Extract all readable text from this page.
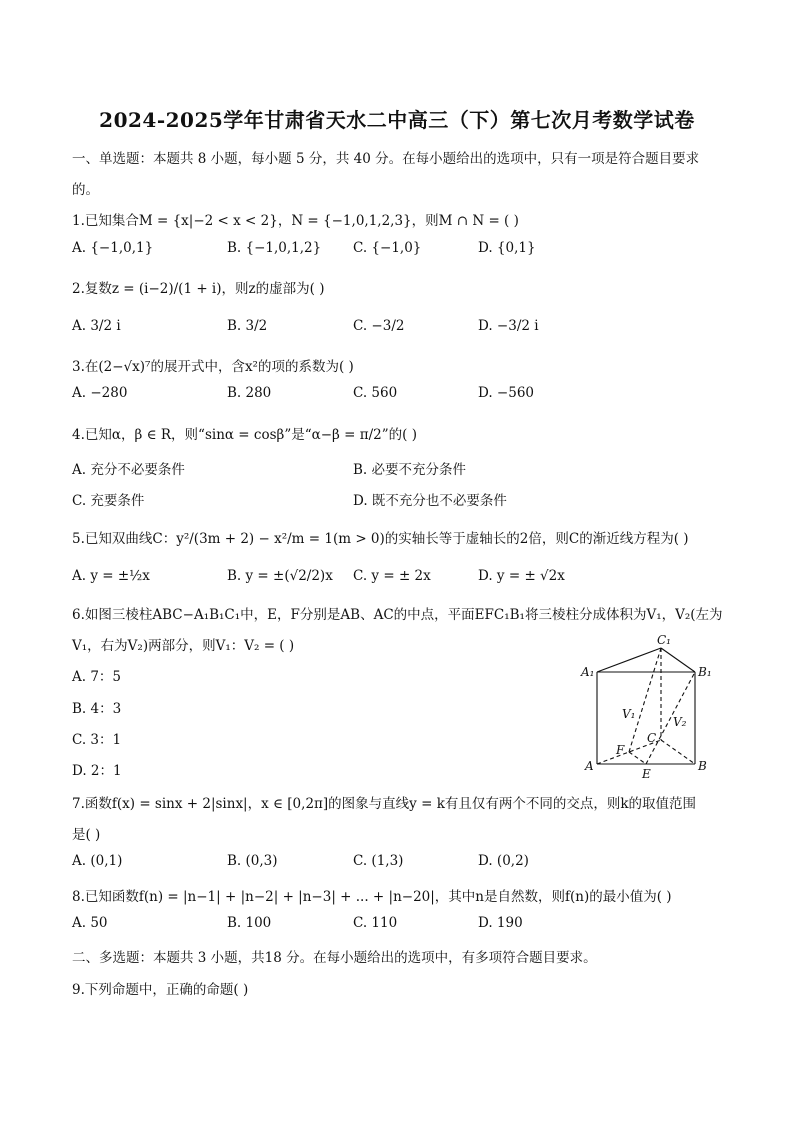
2024-2025学年甘肃省天水二中高三（下）第七次月考数学试卷
一、单选题：本题共 8 小题，每小题 5 分，共 40 分。在每小题给出的选项中，只有一项是符合题目要求
的。
1.已知集合M = {x|−2 < x < 2}，N = {−1,0,1,2,3}，则M ∩ N = ( )
A. {−1,0,1}	B. {−1,0,1,2} C. {−1,0}	D. {0,1}
2.复数z = (i−2)/(1 + i)，则z的虚部为( )
A. 3/2 i	B. 3/2	C. −3/2	D. −3/2 i
3.在(2−√x)⁷的展开式中，含x²的项的系数为( )
A. −280	B. 280	C. 560	D. −560
4.已知α，β ∈ R，则“sinα = cosβ”是“α−β = π/2”的( )
A. 充分不必要条件	B. 必要不充分条件
C. 充要条件	D. 既不充分也不必要条件
5.已知双曲线C：y²/(3m + 2) − x²/m = 1(m > 0)的实轴长等于虚轴长的2倍，则C的渐近线方程为( )
A. y = ±½x	B. y = ±(√2/2)x C. y = ± 2x	D. y = ± √2x
6.如图三棱柱ABC−A₁B₁C₁中，E，F分别是AB、AC的中点，平面EFC₁B₁将三棱柱分成体积为V₁，V₂(左为
V₁，右为V₂)两部分，则V₁：V₂ = ( )
A. 7：5
B. 4：3
C. 3：1
D. 2：1
A₁
C₁
B₁
A	B
C
E
F
V₁
V₂
7.函数f(x) = sinx + 2|sinx|，x ∈ [0,2π]的图象与直线y = k有且仅有两个不同的交点，则k的取值范围
是( )
A. (0,1)	B. (0,3)	C. (1,3)	D. (0,2)
8.已知函数f(n) = |n−1| + |n−2| + |n−3| + ... + |n−20|，其中n是自然数，则f(n)的最小值为( )
A. 50	B. 100	C. 110	D. 190
二、多选题：本题共 3 小题，共18 分。在每小题给出的选项中，有多项符合题目要求。
9.下列命题中，正确的命题( )
